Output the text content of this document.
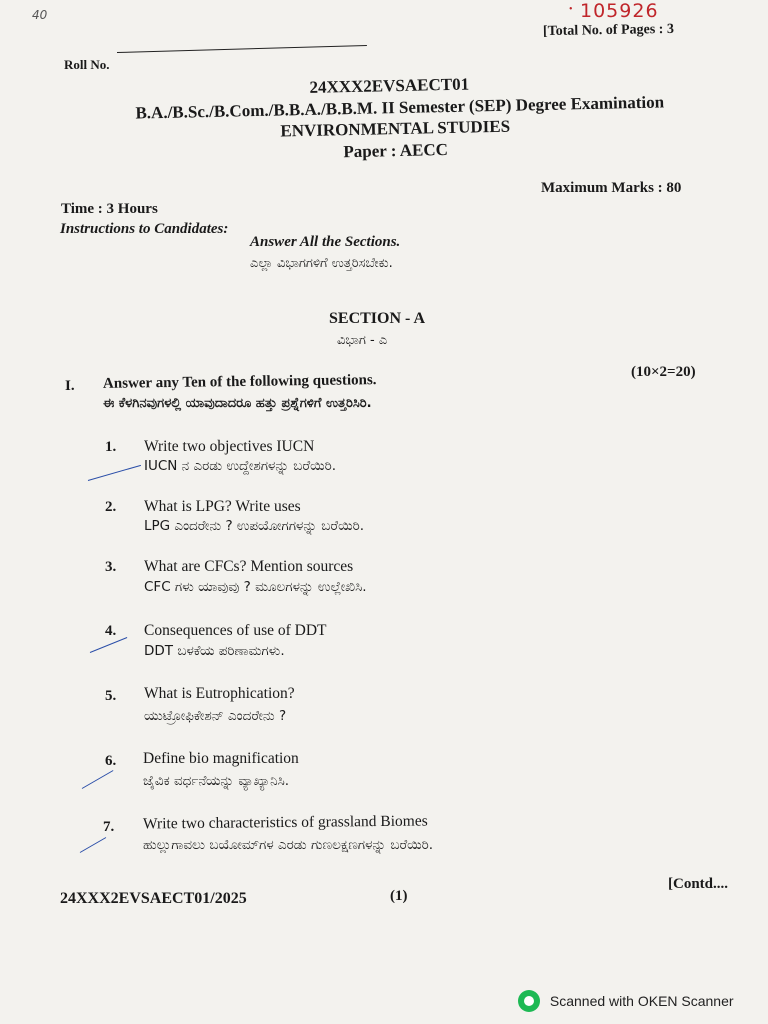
40	• 105926
[Total No. of Pages : 3
Roll No.
24XXX2EVSAECT01
B.A./B.Sc./B.Com./B.B.A./B.B.M. II Semester (SEP) Degree Examination
ENVIRONMENTAL STUDIES
Paper : AECC
Maximum Marks : 80
Time : 3 Hours
Instructions to Candidates:
Answer All the Sections.
ಎಲ್ಲಾ ವಿಭಾಗಗಳಿಗೆ ಉತ್ತರಿಸಬೇಕು.
SECTION - A
ವಿಭಾಗ - ಎ
I. Answer any Ten of the following questions.
ಈ ಕೆಳಗಿನವುಗಳಲ್ಲಿ ಯಾವುದಾದರೂ ಹತ್ತು ಪ್ರಶ್ನೆಗಳಿಗೆ ಉತ್ತರಿಸಿರಿ.
(10×2=20)
1. Write two objectives IUCN
IUCN ನ ಎರಡು ಉದ್ದೇಶಗಳನ್ನು ಬರೆಯಿರಿ.
2. What is LPG? Write uses
LPG ಎಂದರೇನು ? ಉಪಯೋಗಗಳನ್ನು ಬರೆಯಿರಿ.
3. What are CFCs? Mention sources
CFC ಗಳು ಯಾವುವು ? ಮೂಲಗಳನ್ನು ಉಲ್ಲೇಖಿಸಿ.
4. Consequences of use of DDT
DDT ಬಳಕೆಯ ಪರಿಣಾಮಗಳು.
5. What is Eutrophication?
ಯುಟ್ರೋಫಿಕೇಶನ್ ಎಂದರೇನು ?
6. Define bio magnification
ಜೈವಿಕ ವರ್ಧನೆಯನ್ನು ವ್ಯಾಖ್ಯಾನಿಸಿ.
7. Write two characteristics of grassland Biomes
ಹುಲ್ಲುಗಾವಲು ಬಯೋಮ್‌ಗಳ ಎರಡು ಗುಣಲಕ್ಷಣಗಳನ್ನು ಬರೆಯಿರಿ.
24XXX2EVSAECT01/2025	(1)
[Contd....
Scanned with OKEN Scanner
